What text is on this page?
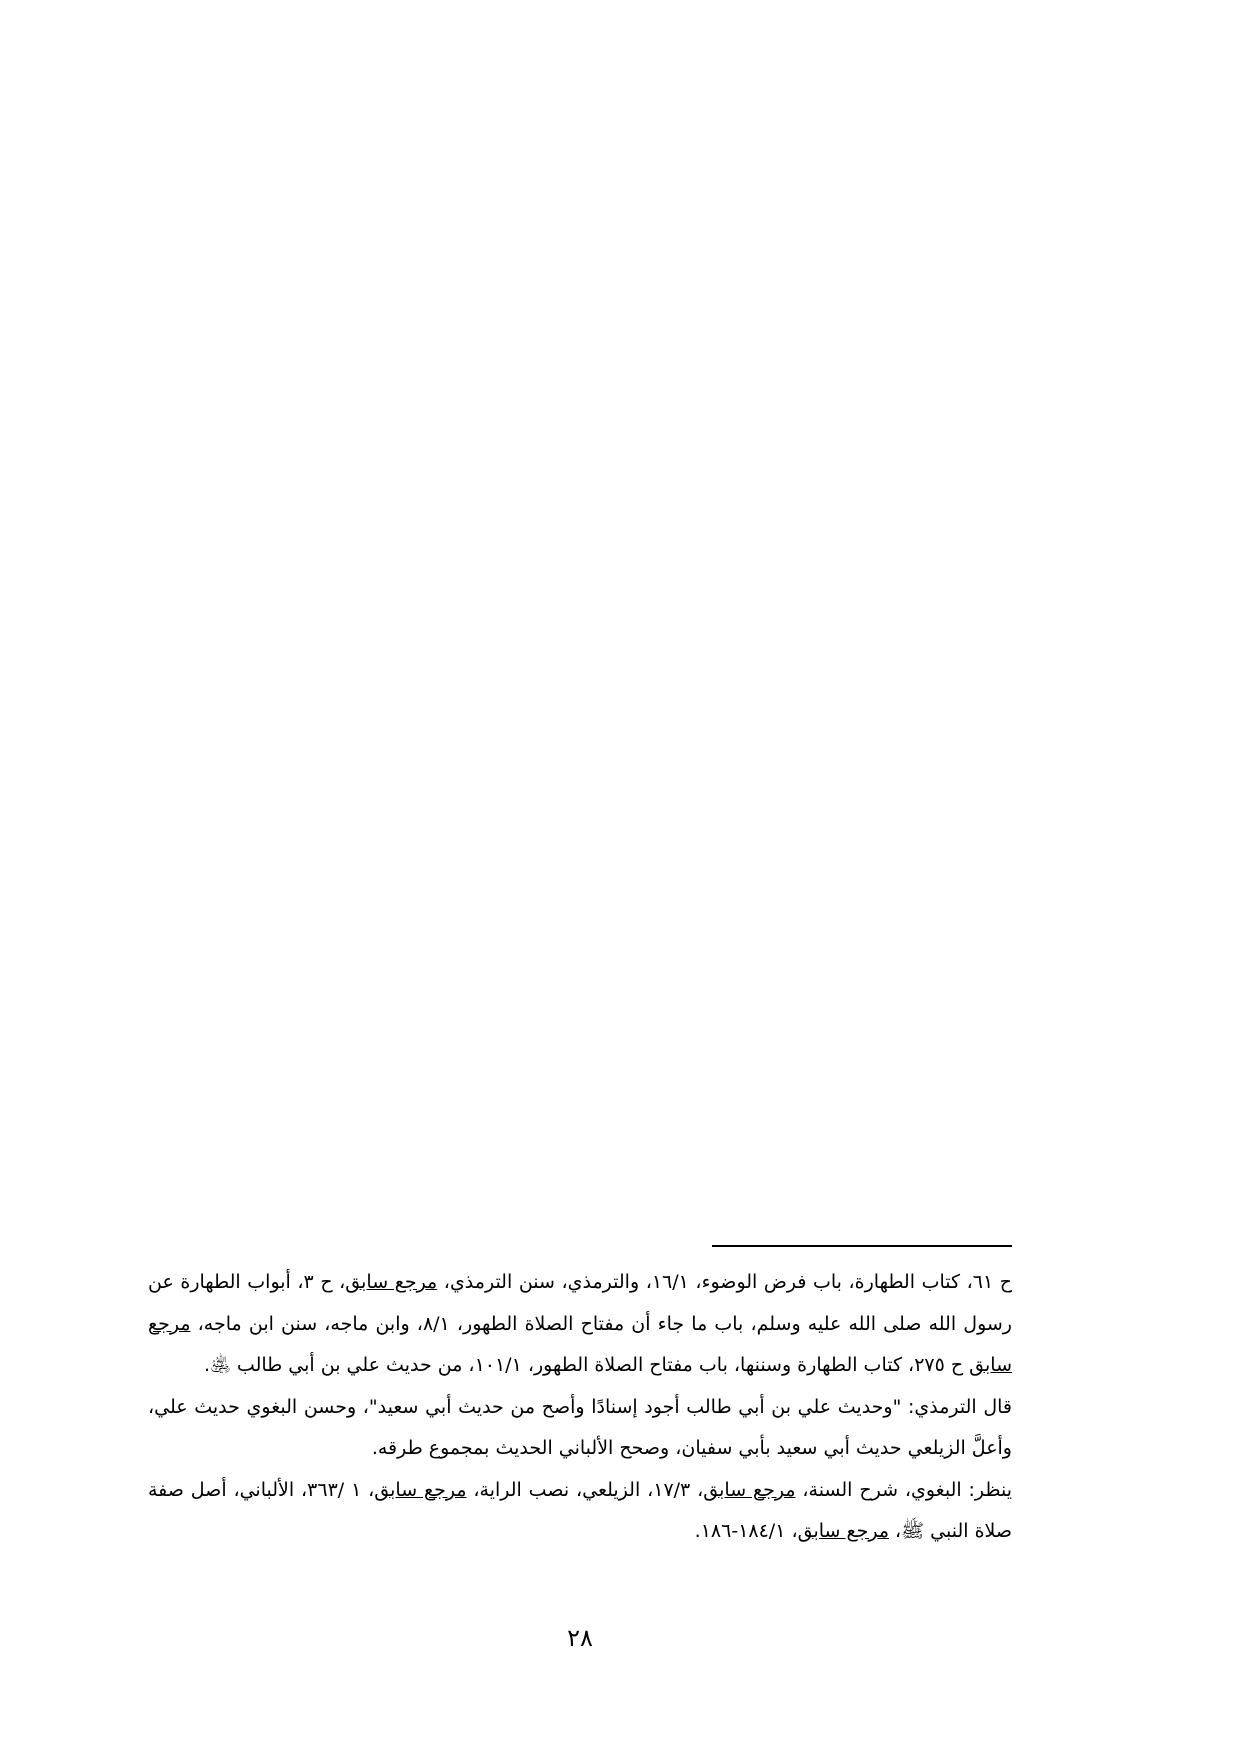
ح ٦١، كتاب الطهارة، باب فرض الوضوء، ١٦/١، والترمذي، سنن الترمذي، مرجع سابق، ح ٣، أبواب الطهارة عن رسول الله صلى الله عليه وسلم، باب ما جاء أن مفتاح الصلاة الطهور، ٨/١، وابن ماجه، سنن ابن ماجه، مرجع سابق ح ٢٧٥، كتاب الطهارة وسننها، باب مفتاح الصلاة الطهور، ١٠١/١، من حديث علي بن أبي طالب ﵁.

قال الترمذي: "وحديث علي بن أبي طالب أجود إسنادًا وأصح من حديث أبي سعيد"، وحسن البغوي حديث علي، وأعلَّ الزيلعي حديث أبي سعيد بأبي سفيان، وصحح الألباني الحديث بمجموع طرقه.

ينظر: البغوي، شرح السنة، مرجع سابق، ١٧/٣، الزيلعي، نصب الراية، مرجع سابق، ١ /٣٦٣، الألباني، أصل صفة صلاة النبي ﷺ، مرجع سابق، ١٨٤/١-١٨٦.

٢٨
